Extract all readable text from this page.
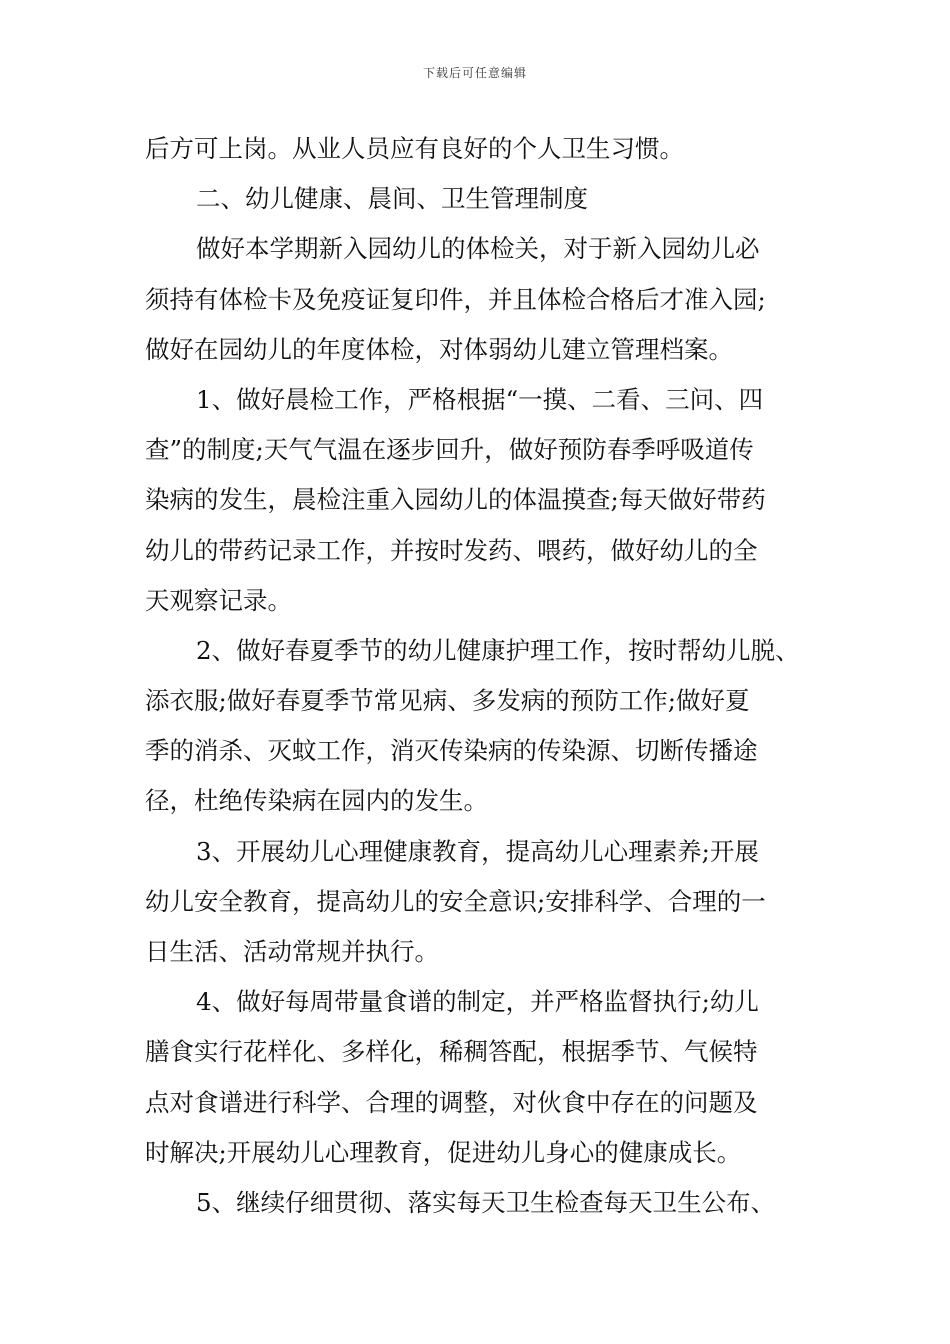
下载后可任意编辑
后方可上岗。从业人员应有良好的个人卫生习惯。
二、幼儿健康、晨间、卫生管理制度
做好本学期新入园幼儿的体检关，对于新入园幼儿必
须持有体检卡及免疫证复印件，并且体检合格后才准入园;
做好在园幼儿的年度体检，对体弱幼儿建立管理档案。
1、做好晨检工作，严格根据“一摸、二看、三问、四
查”的制度;天气气温在逐步回升，做好预防春季呼吸道传
染病的发生，晨检注重入园幼儿的体温摸查;每天做好带药
幼儿的带药记录工作，并按时发药、喂药，做好幼儿的全
天观察记录。
2、做好春夏季节的幼儿健康护理工作，按时帮幼儿脱、
添衣服;做好春夏季节常见病、多发病的预防工作;做好夏
季的消杀、灭蚊工作，消灭传染病的传染源、切断传播途
径，杜绝传染病在园内的发生。
3、开展幼儿心理健康教育，提高幼儿心理素养;开展
幼儿安全教育，提高幼儿的安全意识;安排科学、合理的一
日生活、活动常规并执行。
4、做好每周带量食谱的制定，并严格监督执行;幼儿
膳食实行花样化、多样化，稀稠答配，根据季节、气候特
点对食谱进行科学、合理的调整，对伙食中存在的问题及
时解决;开展幼儿心理教育，促进幼儿身心的健康成长。
5、继续仔细贯彻、落实每天卫生检查每天卫生公布、
